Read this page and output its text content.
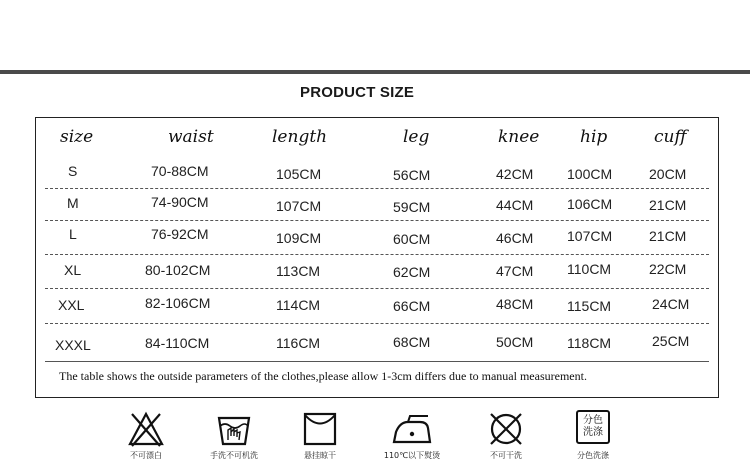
PRODUCT SIZE
size	waist	length	leg	knee hip	cuff
S	70-88CM	105CM	56CM	42CM 100CM	20CM
M	74-90CM	107CM	59CM	44CM 106CM	21CM
L	76-92CM	109CM	60CM	46CM 107CM	21CM
XL	80-102CM	113CM	62CM	47CM 110CM	22CM
XXL	82-106CM	114CM	66CM	48CM 115CM	24CM
XXXL	84-110CM	116CM	68CM	50CM 118CM	25CM
The table shows the outside parameters of the clothes,please allow 1-3cm differs due to manual measurement.
不可漂白	手洗不可机洗	悬挂晾干	110℃以下熨烫	不可干洗
分色洗涤
分色洗涤
